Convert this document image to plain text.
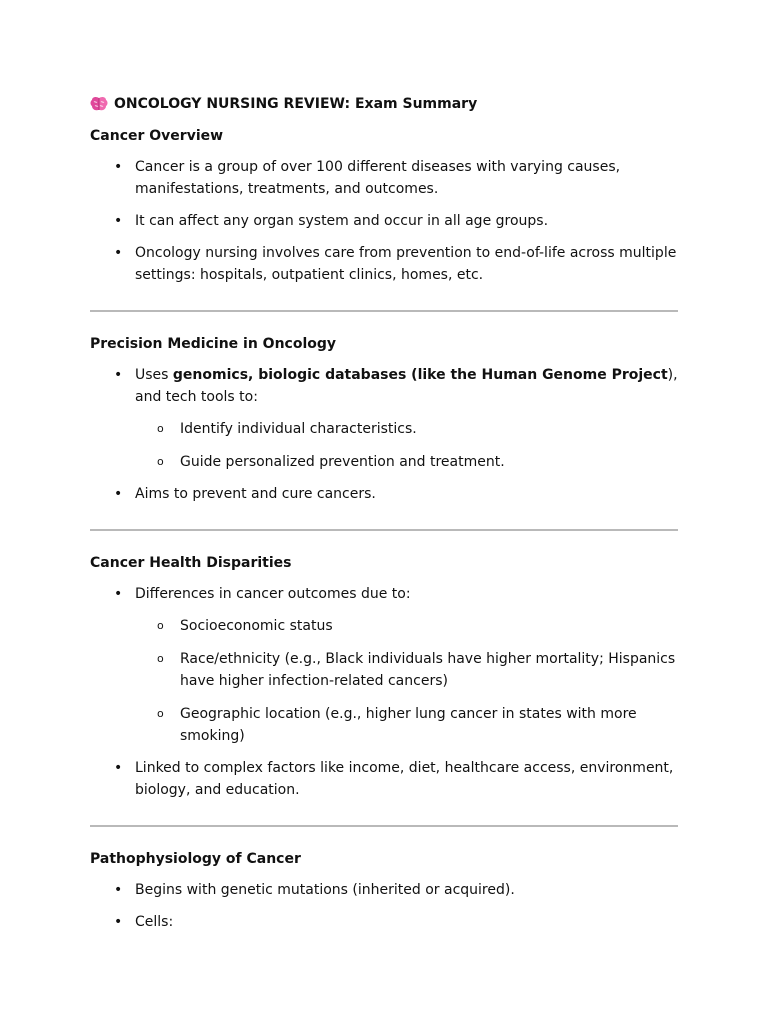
ONCOLOGY NURSING REVIEW: Exam Summary
Cancer Overview
• Cancer is a group of over 100 different diseases with varying causes, manifestations, treatments, and outcomes.
• It can affect any organ system and occur in all age groups.
• Oncology nursing involves care from prevention to end-of-life across multiple settings: hospitals, outpatient clinics, homes, etc.
Precision Medicine in Oncology
• Uses genomics, biologic databases (like the Human Genome Project), and tech tools to:
o Identify individual characteristics.
o Guide personalized prevention and treatment.
• Aims to prevent and cure cancers.
Cancer Health Disparities
• Differences in cancer outcomes due to:
o Socioeconomic status
o Race/ethnicity (e.g., Black individuals have higher mortality; Hispanics have higher infection-related cancers)
o Geographic location (e.g., higher lung cancer in states with more smoking)
• Linked to complex factors like income, diet, healthcare access, environment, biology, and education.
Pathophysiology of Cancer
• Begins with genetic mutations (inherited or acquired).
• Cells:
